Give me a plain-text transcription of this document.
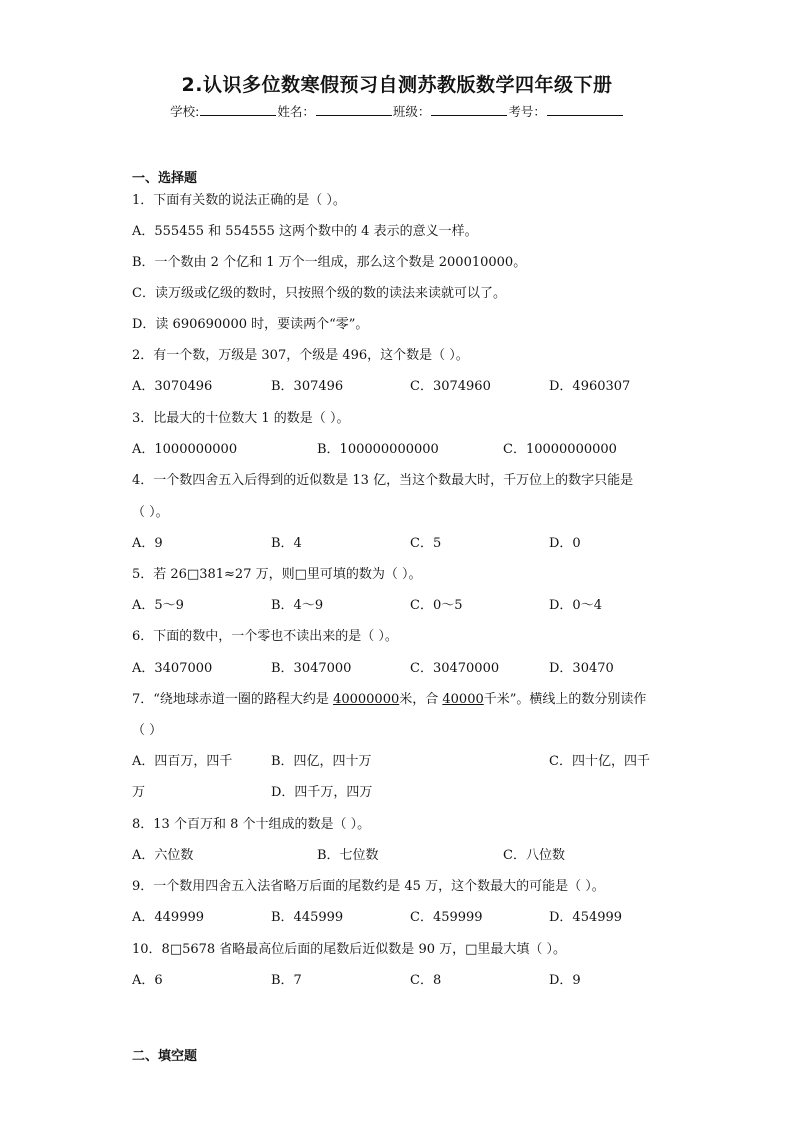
2.认识多位数寒假预习自测苏教版数学四年级下册
学校:	姓名：	班级：	考号：
一、选择题
1．下面有关数的说法正确的是（ ）。
A．555455 和 554555 这两个数中的 4 表示的意义一样。
B．一个数由 2 个亿和 1 万个一组成，那么这个数是 200010000。
C．读万级或亿级的数时，只按照个级的数的读法来读就可以了。
D．读 690690000 时，要读两个“零”。
2．有一个数，万级是 307，个级是 496，这个数是（ ）。
A．3070496	B．307496	C．3074960	D．4960307
3．比最大的十位数大 1 的数是（ ）。
A．1000000000	B．100000000000	C．10000000000
4．一个数四舍五入后得到的近似数是 13 亿，当这个数最大时，千万位上的数字只能是
（ ）。
A．9	B．4	C．5	D．0
5．若 26□381≈27 万，则□里可填的数为（ ）。
A．5～9	B．4～9	C．0～5	D．0～4
6．下面的数中，一个零也不读出来的是（ ）。
A．3407000	B．3047000	C．30470000	D．30470
7．“绕地球赤道一圈的路程大约是 40000000米，合 40000千米”。横线上的数分别读作
（ ）
A．四百万，四千	B．四亿，四十万	C．四十亿，四千
万	D．四千万，四万
8．13 个百万和 8 个十组成的数是（ ）。
A．六位数	B．七位数	C．八位数
9．一个数用四舍五入法省略万后面的尾数约是 45 万，这个数最大的可能是（ ）。
A．449999	B．445999	C．459999	D．454999
10．8□5678 省略最高位后面的尾数后近似数是 90 万，□里最大填（ ）。
A．6	B．7	C．8	D．9
二、填空题
